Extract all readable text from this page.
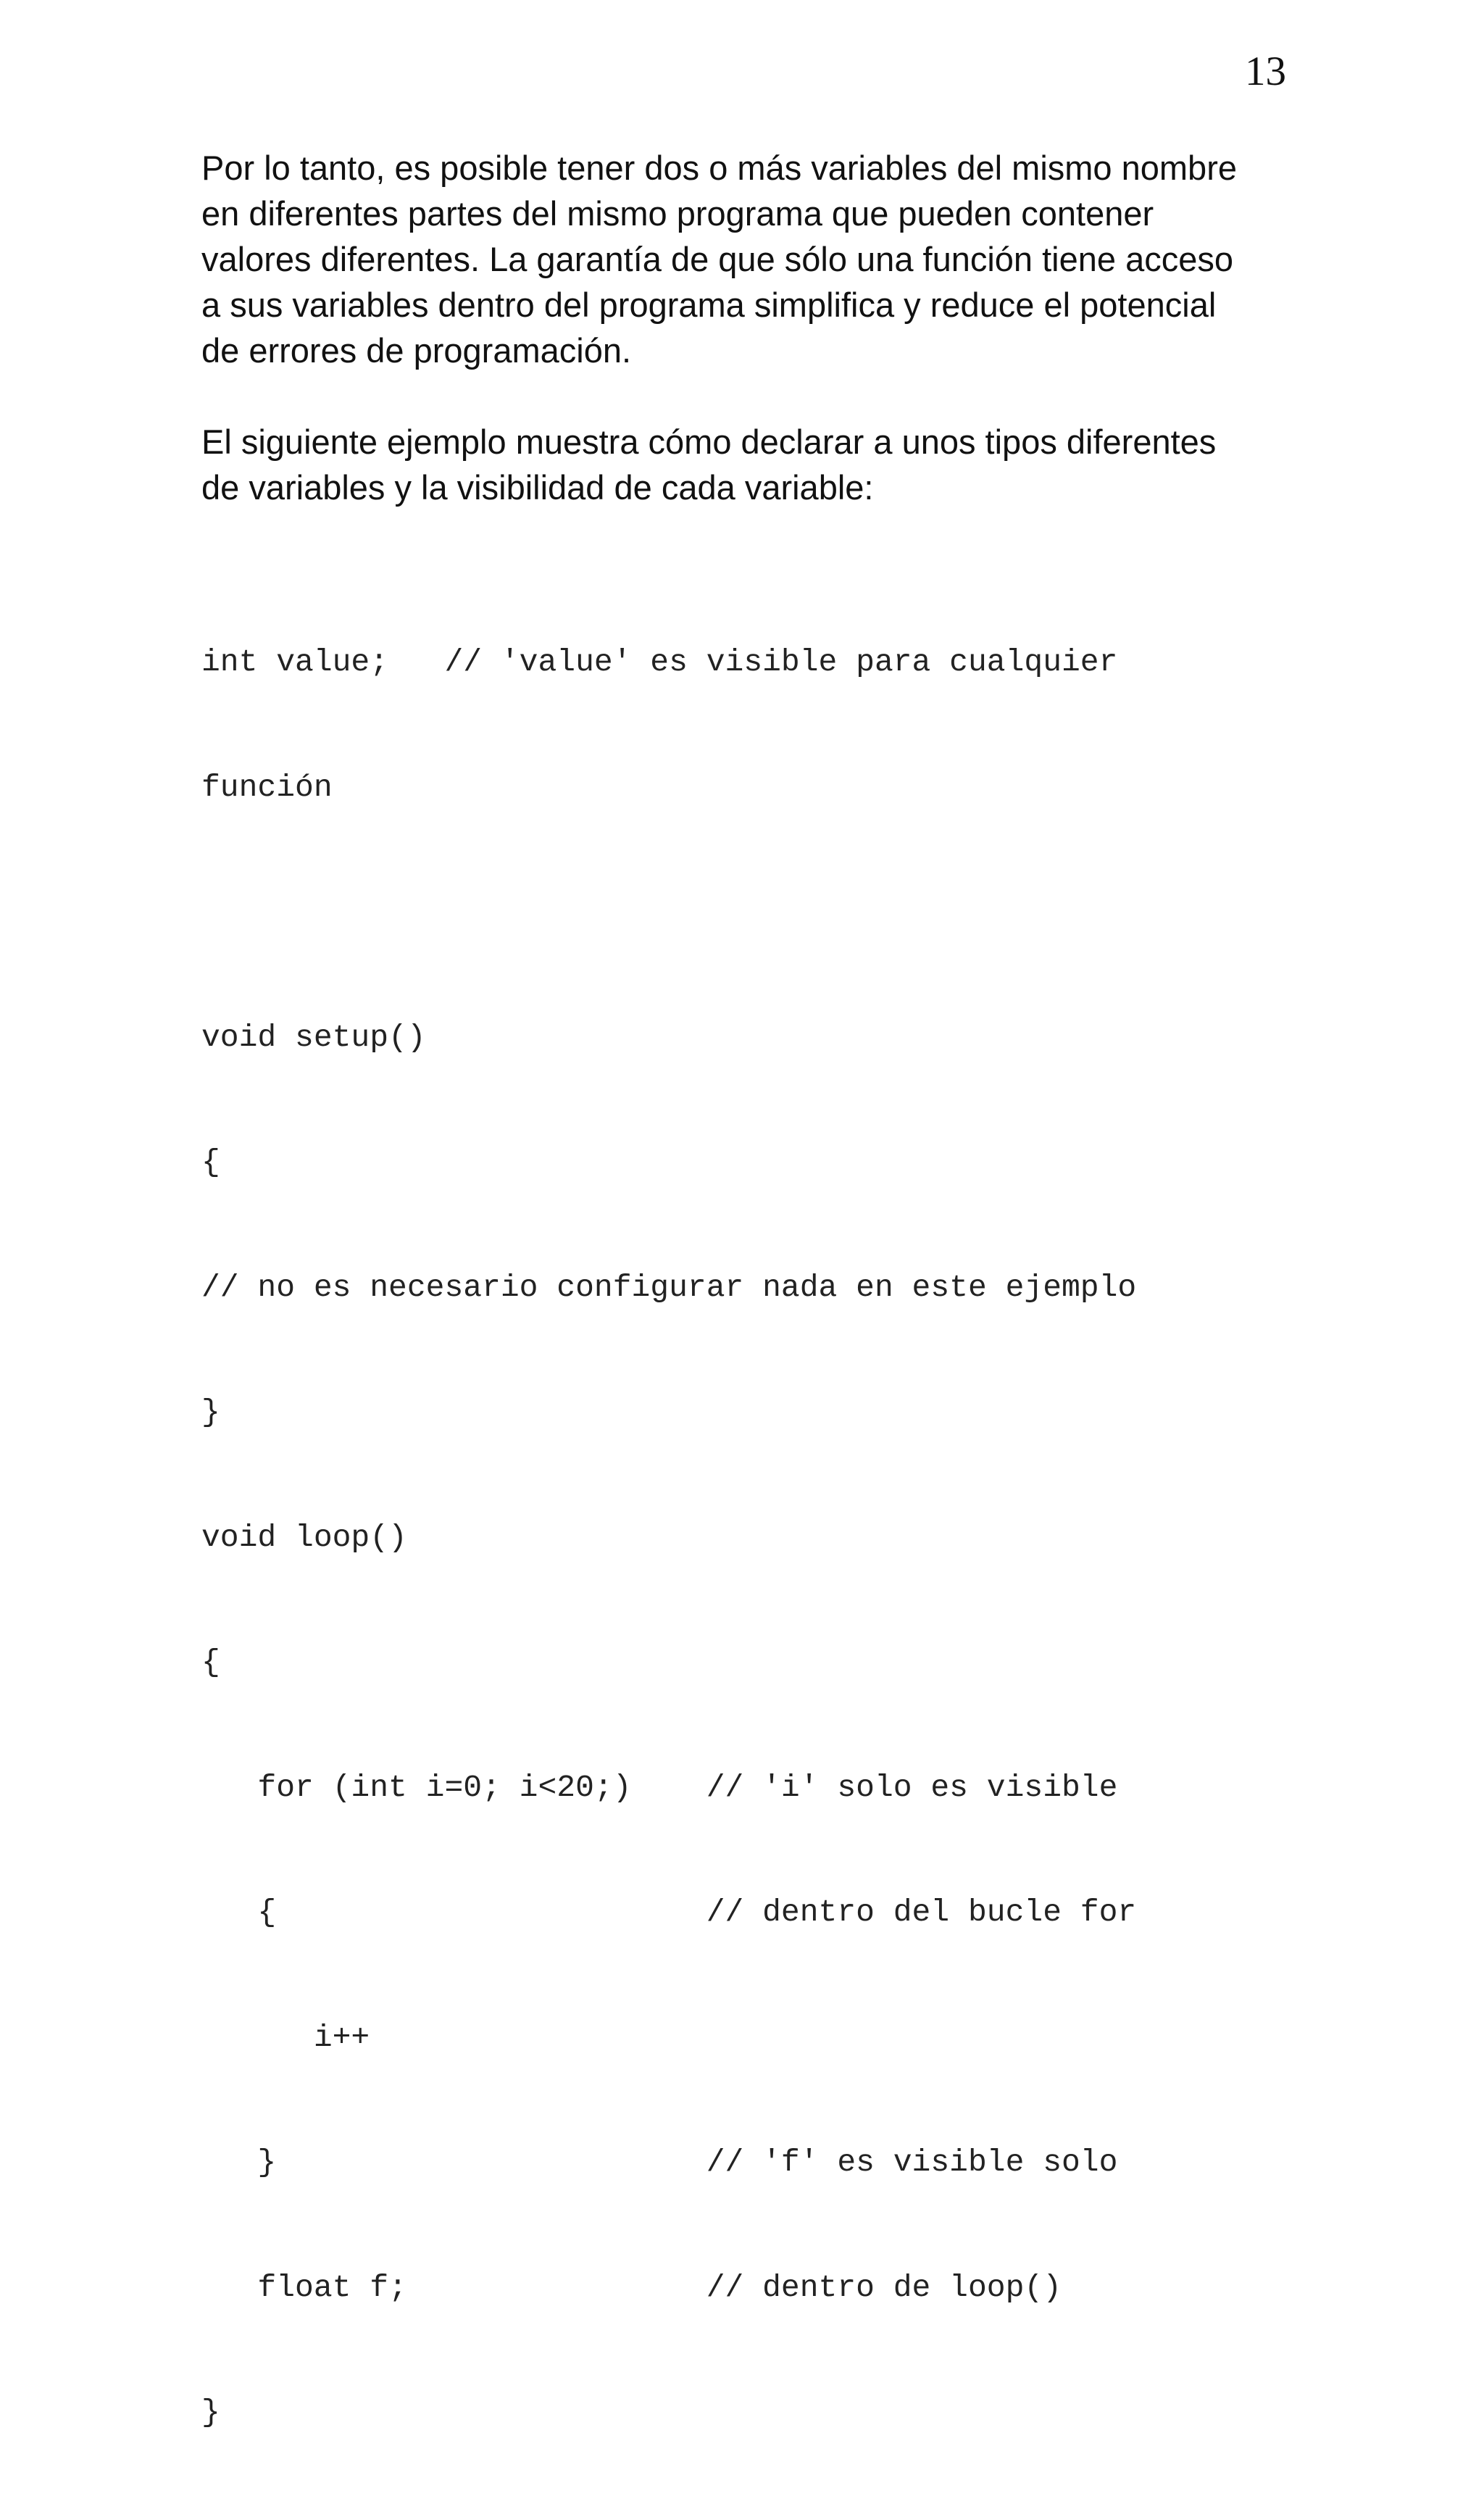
13

Por lo tanto, es posible tener dos o más variables del mismo nombre
en diferentes partes del mismo programa que pueden contener
valores diferentes. La garantía de que sólo una función tiene acceso
a sus variables dentro del programa simplifica y reduce el potencial
de errores de programación.

El siguiente ejemplo muestra cómo declarar a unos tipos diferentes
de variables y la visibilidad de cada variable:

int value;   // 'value' es visible para cualquier

función

void setup()

{

// no es necesario configurar nada en este ejemplo

}

void loop()

{

for (int i=0; i<20;)    // 'i' solo es visible

{                       // dentro del bucle for

i++

}                       // 'f' es visible solo

float f;                // dentro de loop()

}
